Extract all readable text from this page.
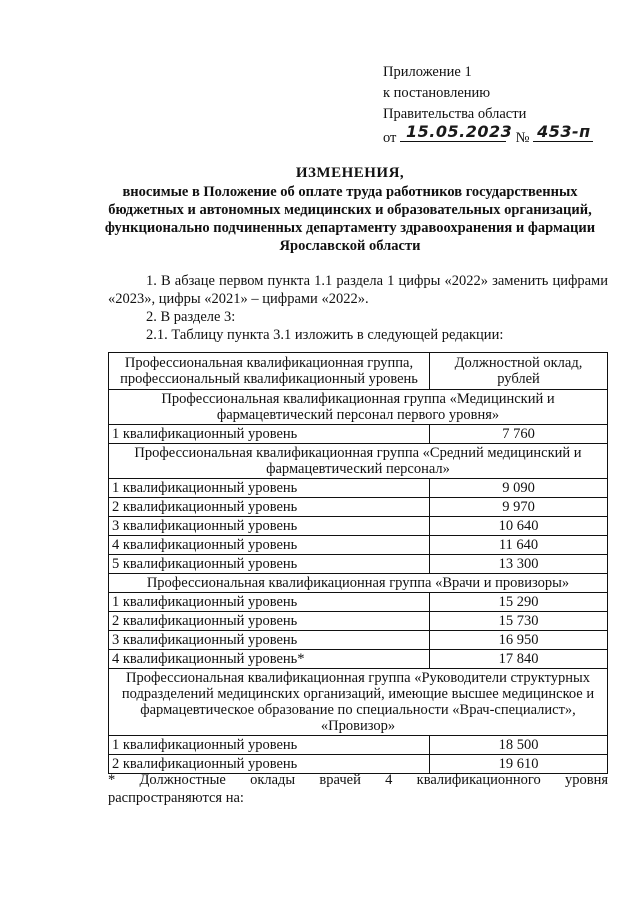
Приложение 1
к постановлению
Правительства области
от 15.05.2023 № 453-п
ИЗМЕНЕНИЯ,
вносимые в Положение об оплате труда работников государственных бюджетных и автономных медицинских и образовательных организаций, функционально подчиненных департаменту здравоохранения и фармации Ярославской области
1. В абзаце первом пункта 1.1 раздела 1 цифры «2022» заменить цифрами «2023», цифры «2021» – цифрами «2022».
2. В разделе 3:
2.1. Таблицу пункта 3.1 изложить в следующей редакции:
Профессиональная квалификационная группа, профессиональный квалификационный уровень	Должностной оклад, рублей
Профессиональная квалификационная группа «Медицинский и фармацевтический персонал первого уровня»	
1 квалификационный уровень	7 760
Профессиональная квалификационная группа «Средний медицинский и фармацевтический персонал»	
1 квалификационный уровень	9 090
2 квалификационный уровень	9 970
3 квалификационный уровень	10 640
4 квалификационный уровень	11 640
5 квалификационный уровень	13 300
Профессиональная квалификационная группа «Врачи и провизоры»	
1 квалификационный уровень	15 290
2 квалификационный уровень	15 730
3 квалификационный уровень	16 950
4 квалификационный уровень*	17 840
Профессиональная квалификационная группа «Руководители структурных подразделений медицинских организаций, имеющие высшее медицинское и фармацевтическое образование по специальности «Врач-специалист», «Провизор»	
1 квалификационный уровень	18 500
2 квалификационный уровень	19 610
* Должностные оклады врачей 4 квалификационного уровня
распространяются на:
